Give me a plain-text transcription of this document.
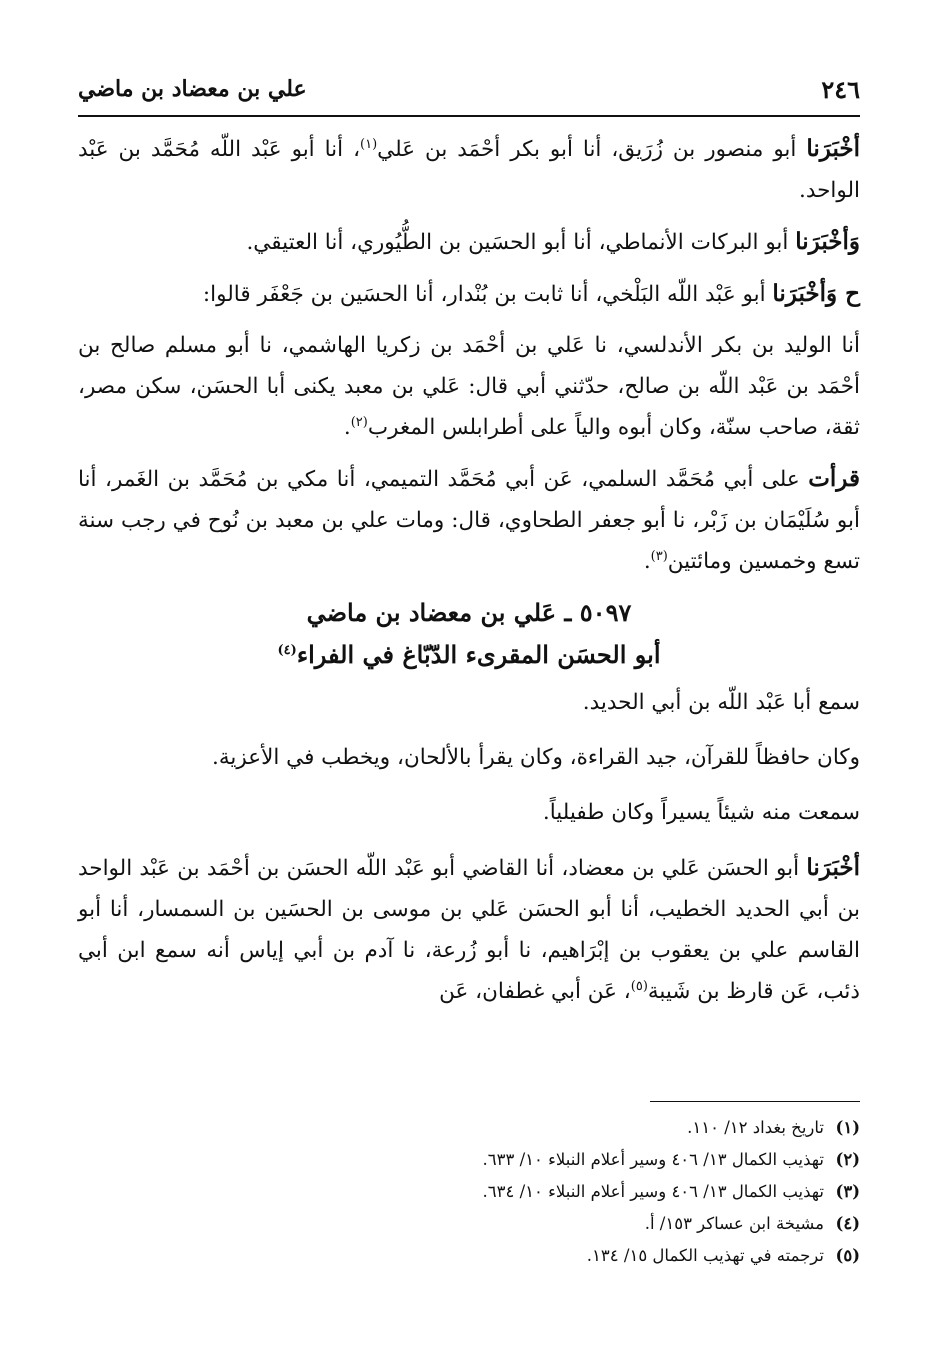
٢٤٦
علي بن معضاد بن ماضي

أخْبَرَنا أبو منصور بن زُرَيق، أنا أبو بكر أحْمَد بن عَلي$^{(١)}$، أنا أبو عَبْد اللّه مُحَمَّد بن عَبْد الواحد.

وَأخْبَرَنا أبو البركات الأنماطي، أنا أبو الحسَين بن الطُّيُوري، أنا العتيقي.

ح وَأخْبَرَنا أبو عَبْد اللّه البَلْخي، أنا ثابت بن بُنْدار، أنا الحسَين بن جَعْفَر قالوا:

أنا الوليد بن بكر الأندلسي، نا عَلي بن أحْمَد بن زكريا الهاشمي، نا أبو مسلم صالح بن أحْمَد بن عَبْد اللّه بن صالح، حدّثني أبي قال: عَلي بن معبد يكنى أبا الحسَن، سكن مصر، ثقة، صاحب سنّة، وكان أبوه والياً على أطرابلس المغرب$^{(٢)}$.

قرأت على أبي مُحَمَّد السلمي، عَن أبي مُحَمَّد التميمي، أنا مكي بن مُحَمَّد بن الغَمر، أنا أبو سُلَيْمَان بن زَبْر، نا أبو جعفر الطحاوي، قال: ومات علي بن معبد بن نُوح في رجب سنة تسع وخمسين ومائتين$^{(٣)}$.

٥٠٩٧ ـ عَلي بن معضاد بن ماضي
أبو الحسَن المقرىء الدّبّاغ في الفراء$^{(٤)}$

سمع أبا عَبْد اللّه بن أبي الحديد.

وكان حافظاً للقرآن، جيد القراءة، وكان يقرأ بالألحان، ويخطب في الأعزية.

سمعت منه شيئاً يسيراً وكان طفيلياً.

أخْبَرَنا أبو الحسَن عَلي بن معضاد، أنا القاضي أبو عَبْد اللّه الحسَن بن أحْمَد بن عَبْد الواحد بن أبي الحديد الخطيب، أنا أبو الحسَن عَلي بن موسى بن الحسَين بن السمسار، أنا أبو القاسم علي بن يعقوب بن إبْرَاهيم، نا أبو زُرعة، نا آدم بن أبي إياس أنه سمع ابن أبي ذئب، عَن قارظ بن شَيبة$^{(٥)}$، عَن أبي غطفان، عَن

(١)
تاريخ بغداد ١٢/ ١١٠.
(٢)
تهذيب الكمال ١٣/ ٤٠٦ وسير أعلام النبلاء ١٠/ ٦٣٣.
(٣)
تهذيب الكمال ١٣/ ٤٠٦ وسير أعلام النبلاء ١٠/ ٦٣٤.
(٤)
مشيخة ابن عساكر ١٥٣/ أ.
(٥)
ترجمته في تهذيب الكمال ١٥/ ١٣٤.
